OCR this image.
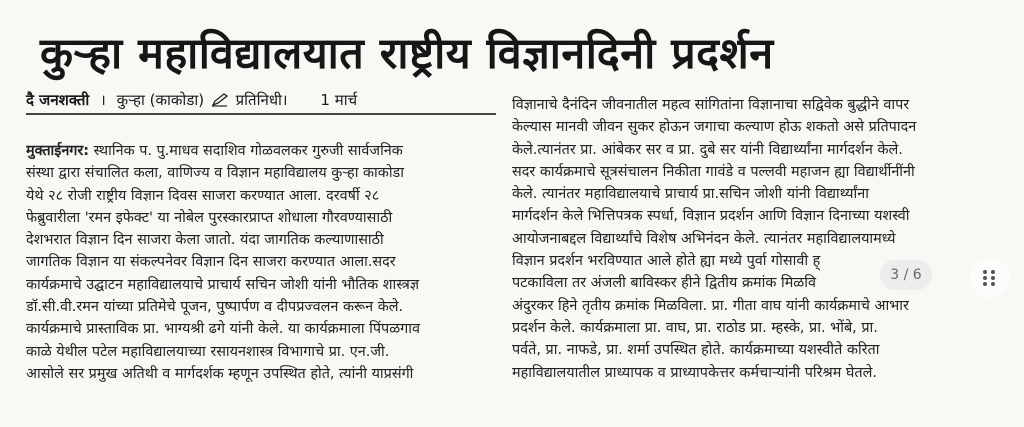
कुऱ्हा महाविद्यालयात राष्ट्रीय विज्ञानदिनी प्रदर्शन
दै जनशक्ती । कुऱ्हा (काकोडा) प्रतिनिधी। 1 मार्च
मुक्ताईनगर: स्थानिक प. पु.माधव सदाशिव गोळवलकर गुरुजी सार्वजनिक
संस्था द्वारा संचालित कला, वाणिज्य व विज्ञान महाविद्यालय कुऱ्हा काकोडा
येथे २८ रोजी राष्ट्रीय विज्ञान दिवस साजरा करण्यात आला. दरवर्षी २८
फेब्रुवारीला 'रमन इफेक्ट' या नोबेल पुरस्कारप्राप्त शोधाला गौरवण्यासाठी
देशभरात विज्ञान दिन साजरा केला जातो. यंदा जागतिक कल्याणासाठी
जागतिक विज्ञान या संकल्पनेवर विज्ञान दिन साजरा करण्यात आला.सदर
कार्यक्रमाचे उद्घाटन महाविद्यालयाचे प्राचार्य सचिन जोशी यांनी भौतिक शास्त्रज्ञ
डॉ.सी.वी.रमन यांच्या प्रतिमेचे पूजन, पुष्पार्पण व दीपप्रज्वलन करून केले.
कार्यक्रमाचे प्रास्ताविक प्रा. भाग्यश्री ढगे यांनी केले. या कार्यक्रमाला पिंपळगाव
काळे येथील पटेल महाविद्यालयाच्या रसायनशास्त्र विभागाचे प्रा. एन.जी.
आसोले सर प्रमुख अतिथी व मार्गदर्शक म्हणून उपस्थित होते, त्यांनी याप्रसंगी
विज्ञानाचे दैनंदिन जीवनातील महत्व सांगितांना विज्ञानाचा सद्विवेक बुद्धीने वापर
केल्यास मानवी जीवन सुकर होऊन जगाचा कल्याण होऊ शकतो असे प्रतिपादन
केले.त्यानंतर प्रा. आंबेकर सर व प्रा. दुबे सर यांनी विद्यार्थ्यांना मार्गदर्शन केले.
सदर कार्यक्रमाचे सूत्रसंचालन निकीता गावंडे व पल्लवी महाजन ह्या विद्यार्थीनींनी
केले. त्यानंतर महाविद्यालयाचे प्राचार्य प्रा.सचिन जोशी यांनी विद्यार्थ्यांना
मार्गदर्शन केले भित्तिपत्रक स्पर्धा, विज्ञान प्रदर्शन आणि विज्ञान दिनाच्या यशस्वी
आयोजनाबद्दल विद्यार्थ्यांचे विशेष अभिनंदन केले. त्यानंतर महाविद्यालयामध्ये
विज्ञान प्रदर्शन भरविण्यात आले होते ह्या मध्ये पुर्वा गोसावी ह्
पटकाविला तर अंजली बाविस्कर हीने द्वितीय क्रमांक मिळवि
अंदुरकर हिने तृतीय क्रमांक मिळविला. प्रा. गीता वाघ यांनी कार्यक्रमाचे आभार
प्रदर्शन केले. कार्यक्रमाला प्रा. वाघ, प्रा. राठोड प्रा. म्हस्के, प्रा. भोंबे, प्रा.
पर्वते, प्रा. नाफडे, प्रा. शर्मा उपस्थित होते. कार्यक्रमाच्या यशस्वीते करिता
महाविद्यालयातील प्राध्यापक व प्राध्यापकेत्तर कर्मचाऱ्यांनी परिश्रम घेतले.
3 / 6
